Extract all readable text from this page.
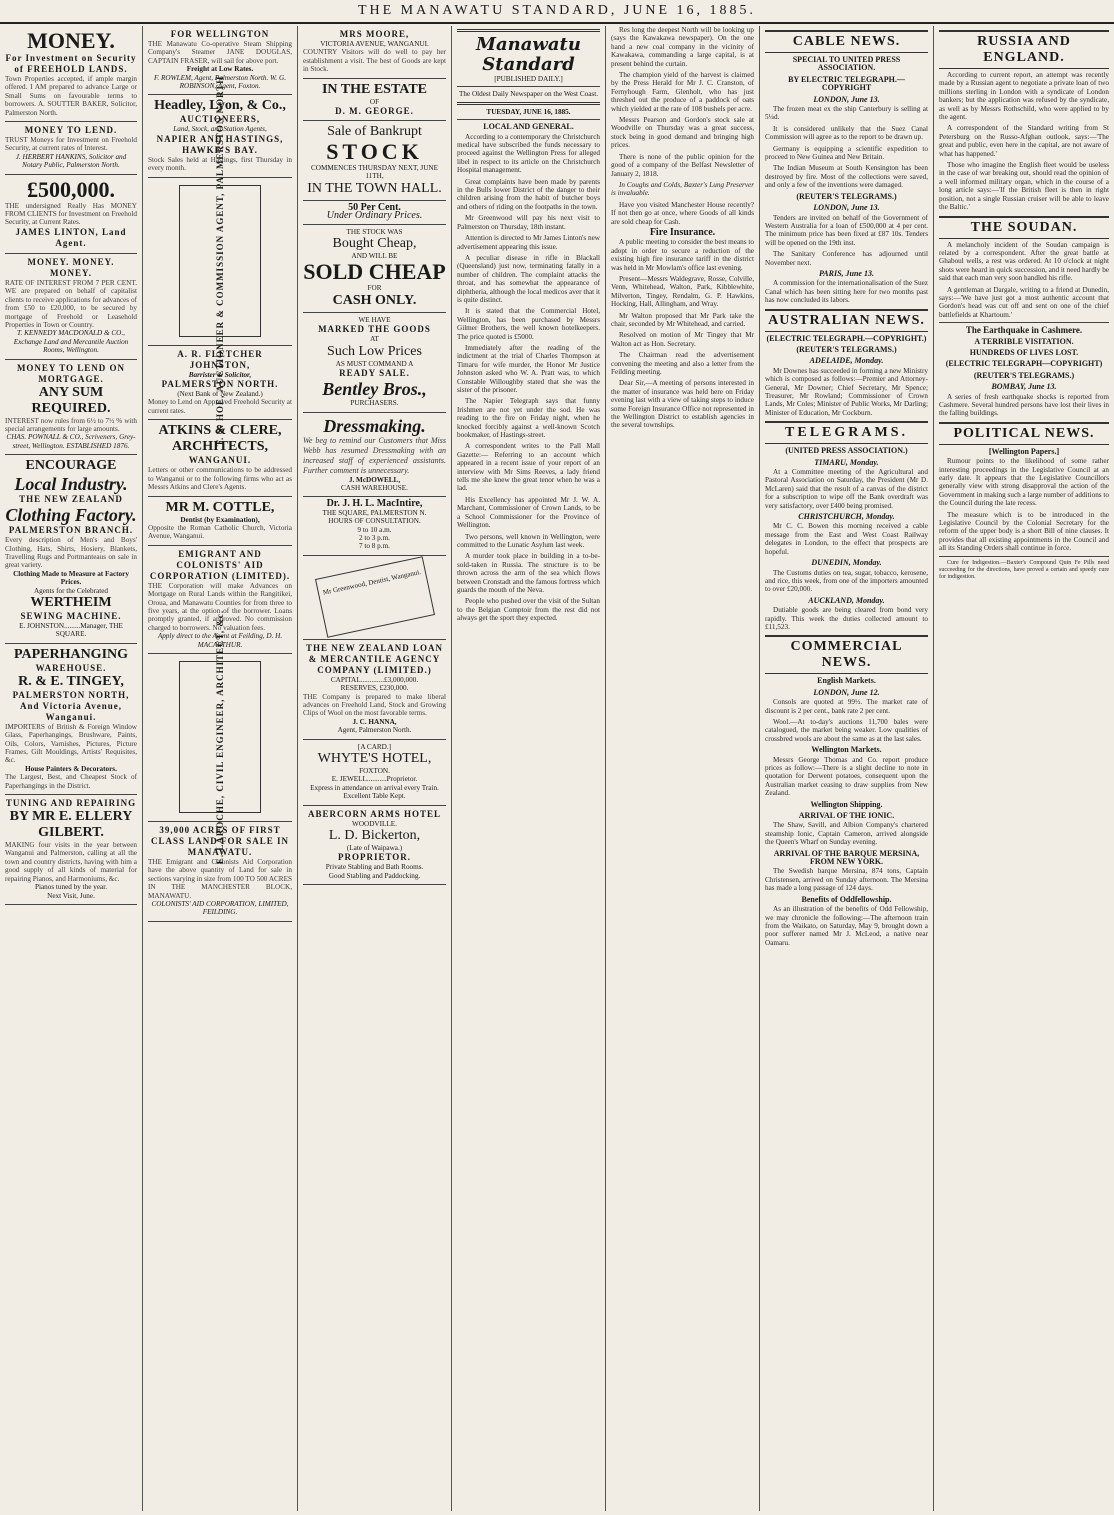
THE MANAWATU STANDARD, JUNE 16, 1885.
MONEY.
For Investment on Security of FREEHOLD LANDS.
Town Properties accepted, if ample margin offered. I AM prepared to advance Large or Small Sums on favourable terms to borrowers. A. SOUTTER BAKER, Solicitor, Palmerston North.
MONEY TO LEND.
TRUST Moneys for Investment on Freehold Security, at current rates of Interest.
J. HERBERT HANKINS, Solicitor and Notary Public, Palmerston North.
£500,000.
THE undersigned Really Has MONEY FROM CLIENTS for Investment on Freehold Security, at Current Rates.
JAMES LINTON, Land Agent.
MONEY. MONEY. MONEY.
RATE OF INTEREST FROM 7 PER CENT. WE are prepared on behalf of capitalist clients to receive applications for advances of from £50 to £20,000, to be secured by mortgage of Freehold or Leasehold Properties in Town or Country.
T. KENNEDY MACDONALD & CO., Exchange Land and Mercantile Auction Rooms, Wellington.
MONEY TO LEND ON MORTGAGE.
ANY SUM REQUIRED.
INTEREST now rules from 6½ to 7½ % with special arrangements for large amounts.
CHAS. POWNALL & CO., Scriveners, Grey-street, Wellington. ESTABLISHED 1876.
ENCOURAGE
Local Industry.
THE NEW ZEALAND
Clothing Factory.
PALMERSTON BRANCH.
Every description of Men's and Boys' Clothing, Hats, Shirts, Hosiery, Blankets, Travelling Rugs and Portmanteaus on sale in great variety.
Clothing Made to Measure at Factory Prices.
Agents for the Celebrated
WERTHEIM
SEWING MACHINE.
E. JOHNSTON.........Manager, THE SQUARE.
PAPERHANGING
WAREHOUSE.
R. & E. TINGEY,
PALMERSTON NORTH, And Victoria Avenue, Wanganui.
IMPORTERS of British & Foreign Window Glass, Paperhangings, Brushware, Paints, Oils, Colors, Varnishes, Pictures, Picture Frames, Gilt Mouldings, Artists' Requisites, &c.
House Painters & Decorators.
The Largest, Best, and Cheapest Stock of Paperhangings in the District.
TUNING AND REPAIRING
BY MR E. ELLERY GILBERT.
MAKING four visits in the year between Wanganui and Palmerston, calling at all the town and country districts, having with him a good supply of all kinds of material for repairing Pianos, and Harmoniums, &c.
Pianos tuned by the year.
Next Visit, June.
FOR WELLINGTON
THE Manawatu Co-operative Steam Shipping Company's Steamer JANE DOUGLAS, CAPTAIN FRASER, will sail for above port.
Freight at Low Rates.
F. ROWLEM, Agent, Palmerston North. W. G. ROBINSON, Agent, Foxton.
Headley, Lyon, & Co.,
AUCTIONEERS,
Land, Stock, and Station Agents,
NAPIER AND HASTINGS, HAWKE'S BAY.
Stock Sales held at Hastings, first Thursday in every month.	T. S. HOE, AUCTIONEER & COMMISSION AGENT, PALMERSTON NORTH
A. R. FLETCHER JOHNSTON,
Barrister & Solicitor,
PALMERSTON NORTH.
(Next Bank of New Zealand.)
Money to Lend on Approved Freehold Security at current rates.
ATKINS & CLERE,
ARCHITECTS,
WANGANUI.
Letters or other communications to be addressed to Wanganui or to the following firms who act as Messrs Atkins and Clere's Agents.
MR M. COTTLE,
Dentist (by Examination),
Opposite the Roman Catholic Church, Victoria Avenue, Wanganui.
EMIGRANT AND COLONISTS' AID CORPORATION (LIMITED).
THE Corporation will make Advances on Mortgage on Rural Lands within the Rangitikei, Oroua, and Manawatu Counties for from three to five years, at the option of the borrower. Loans promptly granted, if approved. No commission charged to borrowers. No valuation fees.
Apply direct to the Agent at Feilding, D. H. MACARTHUR.
E. LAROCHE, CIVIL ENGINEER, ARCHITECT, &c.
39,000 ACRES OF FIRST CLASS LAND FOR SALE IN MANAWATU.
THE Emigrant and Colonists Aid Corporation have the above quantity of Land for sale in sections varying in size from 100 TO 500 ACRES IN THE MANCHESTER BLOCK, MANAWATU.
COLONISTS' AID CORPORATION, LIMITED, FEILDING.
MRS MOORE,
VICTORIA AVENUE, WANGANUI.
COUNTRY Visitors will do well to pay her establishment a visit. The best of Goods are kept in Stock.
IN THE ESTATE
OF
D. M. GEORGE.
Sale of Bankrupt
STOCK
COMMENCES THURSDAY NEXT, JUNE 11TH,
IN THE TOWN HALL.
50 Per Cent.
Under Ordinary Prices.
THE STOCK WAS
Bought Cheap,
AND WILL BE
SOLD CHEAP
FOR
CASH ONLY.
WE HAVE
MARKED THE GOODS
AT
Such Low Prices
AS MUST COMMAND A
READY SALE.
Bentley Bros.,
PURCHASERS.
Dressmaking.
We beg to remind our Customers that Miss Webb has resumed Dressmaking with an increased staff of experienced assistants. Further comment is unnecessary.
J. McDOWELL,
CASH WAREHOUSE.
Dr. J. H. L. MacIntire,
THE SQUARE, PALMERSTON N.
HOURS OF CONSULTATION.
9 to 10 a.m.
2 to 3 p.m.
7 to 8 p.m.
Mr Greenwood, Dentist, Wanganui.
THE NEW ZEALAND LOAN & MERCANTILE AGENCY COMPANY (LIMITED.)
CAPITAL.............£3,000,000.
RESERVES, £230,000.
THE Company is prepared to make liberal advances on Freehold Land, Stock and Growing Clips of Wool on the most favorable terms.
J. C. HANNA,
Agent, Palmerston North.
[A CARD.]
WHYTE'S HOTEL,
FOXTON.
E. JEWELL...........Proprietor.
Express in attendance on arrival every Train.
Excellent Table Kept.
ABERCORN ARMS HOTEL
WOODVILLE.
L. D. Bickerton,
(Late of Waipawa.)
PROPRIETOR.
Private Stabling and Bath Rooms.
Good Stabling and Paddocking.
Manawatu Standard
[PUBLISHED DAILY.]
The Oldest Daily Newspaper on the West Coast.
TUESDAY, JUNE 16, 1885.
LOCAL AND GENERAL.

According to a contemporary the Christchurch medical have subscribed the funds necessary to proceed against the Wellington Press for alleged libel in respect to its article on the Christchurch Hospital management.

Great complaints have been made by parents in the Bulls lower District of the danger to their children arising from the habit of butcher boys and others of riding on the footpaths in the town.

Mr Greenwood will pay his next visit to Palmerston on Thursday, 18th instant.

Attention is directed to Mr James Linton's new advertisement appearing this issue.

A peculiar disease in rifle in Blackall (Queensland) just now, terminating fatally in a number of children. The complaint attacks the throat, and has somewhat the appearance of diphtheria, although the local medicos aver that it is quite distinct.

It is stated that the Commercial Hotel, Wellington, has been purchased by Messrs Gilmer Brothers, the well known hotelkeepers. The price quoted is £5000.

Immediately after the reading of the indictment at the trial of Charles Thompson at Timaru for wife murder, the Honor Mr Justice Johnston asked who W. A. Pratt was, to which Constable Willoughby stated that she was the sister of the prisoner.

The Napier Telegraph says that funny Irishmen are not yet under the sod. He was reading to the fire on Friday night, when he knocked forcibly against a well-known Scotch bookmaker, of Hastings-street.

A correspondent writes to the Pall Mall Gazette:— Referring to an account which appeared in a recent issue of your report of an interview with Mr Sims Reeves, a lady friend tells me she knew the great tenor when he was a lad.

His Excellency has appointed Mr J. W. A. Marchant, Commissioner of Crown Lands, to be a School Commissioner for the Province of Wellington.

Two persons, well known in Wellington, were committed to the Lunatic Asylum last week.

A murder took place in building in a to-be-sold-taken in Russia. The structure is to be thrown across the arm of the sea which flows between Cronstadt and the famous fortress which guards the mouth of the Neva.

People who pushed over the visit of the Sultan to the Belgian Comptoir from the rest did not always get the sport they expected.

Res long the deepest North will be looking up (says the Kawakawa newspaper). On the one hand a new coal company in the vicinity of Kawakawa, commanding a large capital, is at present behind the curtain.

The champion yield of the harvest is claimed by the Press Herald for Mr J. C. Cranston, of Fernyhough Farm, Glenholt, who has just threshed out the produce of a paddock of oats which yielded at the rate of 108 bushels per acre.

Messrs Pearson and Gordon's stock sale at Woodville on Thursday was a great success, stock being in good demand and bringing high prices.

There is none of the public opinion for the good of a company of the Belfast Newsletter of January 2, 1818.

In Coughs and Colds, Baxter's Lung Preserver is invaluable.

Have you visited Manchester House recently? If not then go at once, where Goods of all kinds are sold cheap for Cash.

Fire Insurance.

A public meeting to consider the best means to adopt in order to secure a reduction of the existing high fire insurance tariff in the district was held in Mr Mowlam's office last evening.

Present—Messrs Waldegrave, Rosse, Colville, Venn, Whitehead, Walton, Park, Kibblewhite, Milverton, Tingey, Rendalm, G. P. Hawkins, Hocking, Hall, Allingham, and Wray.

Mr Walton proposed that Mr Park take the chair, seconded by Mr Whitehead, and carried.

Resolved on motion of Mr Tingey that Mr Walton act as Hon. Secretary.

The Chairman read the advertisement convening the meeting and also a letter from the Feilding meeting.

Dear Sir,—A meeting of persons interested in the matter of insurance was held here on Friday evening last with a view of taking steps to induce some Foreign Insurance Office not represented in the Wellington District to establish agencies in the several townships.

CABLE NEWS.
SPECIAL TO UNITED PRESS ASSOCIATION.
BY ELECTRIC TELEGRAPH.—COPYRIGHT
LONDON, June 13.

The frozen meat ex the ship Canterbury is selling at 5¼d.

It is considered unlikely that the Suez Canal Commission will agree as to the report to be drawn up.

Germany is equipping a scientific expedition to proceed to New Guinea and New Britain.

The Indian Museum at South Kensington has been destroyed by fire. Most of the collections were saved, and only a few of the inventions were damaged.

(REUTER'S TELEGRAMS.)
LONDON, June 13.

Tenders are invited on behalf of the Government of Western Australia for a loan of £500,000 at 4 per cent. The minimum price has been fixed at £87 10s. Tenders will be opened on the 19th inst.

The Sanitary Conference has adjourned until November next.

PARIS, June 13.

A commission for the internationalisation of the Suez Canal which has been sitting here for two months past has now concluded its labors.

AUSTRALIAN NEWS.
(ELECTRIC TELEGRAPH.—COPYRIGHT.)
(REUTER'S TELEGRAMS.)
ADELAIDE, Monday.

Mr Downes has succeeded in forming a new Ministry which is composed as follows:—Premier and Attorney-General, Mr Downer; Chief Secretary, Mr Spence; Treasurer, Mr Rowland; Commissioner of Crown Lands, Mr Coles; Minister of Public Works, Mr Darling; Minister of Education, Mr Cockburn.

TELEGRAMS.
(UNITED PRESS ASSOCIATION.)
TIMARU, Monday.

At a Committee meeting of the Agricultural and Pastoral Association on Saturday, the President (Mr D. McLaren) said that the result of a canvas of the district for a subscription to wipe off the Bank overdraft was very satisfactory, over £400 being promised.

CHRISTCHURCH, Monday.

Mr C. C. Bowen this morning received a cable message from the East and West Coast Railway delegates in London, to the effect that prospects are hopeful.

DUNEDIN, Monday.

The Customs duties on tea, sugar, tobacco, kerosene, and rice, this week, from one of the importers amounted to over £20,000.

AUCKLAND, Monday.

Dutiable goods are being cleared from bond very rapidly. This week the duties collected amount to £11,523.

COMMERCIAL NEWS.
English Markets.
LONDON, June 12.

Consols are quoted at 99½. The market rate of discount is 2 per cent., bank rate 2 per cent.

Wool.—At to-day's auctions 11,700 bales were catalogued, the market being weaker. Low qualities of crossbred wools are about the same as at the last sales.

Wellington Markets.

Messrs George Thomas and Co. report produce prices as follow:—There is a slight decline to note in quotation for Derwent potatoes, consequent upon the Australian market ceasing to draw supplies from New Zealand.

Wellington Shipping.
ARRIVAL OF THE IONIC.

The Shaw, Savill, and Albion Company's chartered steamship Ionic, Captain Cameron, arrived alongside the Queen's Wharf on Sunday evening.

ARRIVAL OF THE BARQUE MERSINA, FROM NEW YORK.

The Swedish barque Mersina, 874 tons, Captain Christensen, arrived on Sunday afternoon. The Mersina has made a long passage of 124 days.

Benefits of Oddfellowship.

As an illustration of the benefits of Odd Fellowship, we may chronicle the following:—The afternoon train from the Waikato, on Saturday, May 9, brought down a poor sufferer named Mr J. McLeod, a native near Oamaru.

RUSSIA AND ENGLAND.

According to current report, an attempt was recently made by a Russian agent to negotiate a private loan of two millions sterling in London with a syndicate of London bankers; but the application was refused by the syndicate, as well as by Messrs Rothschild, who were applied to by the agent.

A correspondent of the Standard writing from St Petersburg on the Russo-Afghan outlook, says:—'The great and public, even here in the capital, are not aware of what has happened.'

Those who imagine the English fleet would be useless in the case of war breaking out, should read the opinion of a well informed military organ, which in the course of a long article says:—'If the British fleet is then in right position, not a single Russian cruiser will be able to leave the Baltic.'

THE SOUDAN.

A melancholy incident of the Soudan campaign is related by a correspondent. After the great battle at Ghaboul wells, a rest was ordered. At 10 o'clock at night shots were heard in quick succession, and it need hardly be said that each man very soon handled his rifle.

A gentleman at Dargale, writing to a friend at Dunedin, says:—'We have just got a most authentic account that Gordon's head was cut off and sent on one of the chief battlefields at Khartoum.'

The Earthquake in Cashmere.
A TERRIBLE VISITATION.
HUNDREDS OF LIVES LOST.
(ELECTRIC TELEGRAPH—COPYRIGHT)
(REUTER'S TELEGRAMS.)
BOMBAY, June 13.

A series of fresh earthquake shocks is reported from Cashmere. Several hundred persons have lost their lives in the falling buildings.

POLITICAL NEWS.
[Wellington Papers.]

Rumour points to the likelihood of some rather interesting proceedings in the Legislative Council at an early date. It appears that the Legislative Councillors generally view with strong disapproval the action of the Government in making such a large number of additions to the Council during the late recess.

The measure which is to be introduced in the Legislative Council by the Colonial Secretary for the reform of the upper body is a short Bill of nine clauses. It provides that all existing appointments in the Council and all its Standing Orders shall continue in force.

Cure for Indigestion.—Baxter's Compound Quin Fe Pills need succeeding for the directions, have proved a certain and speedy cure for indigestion.
